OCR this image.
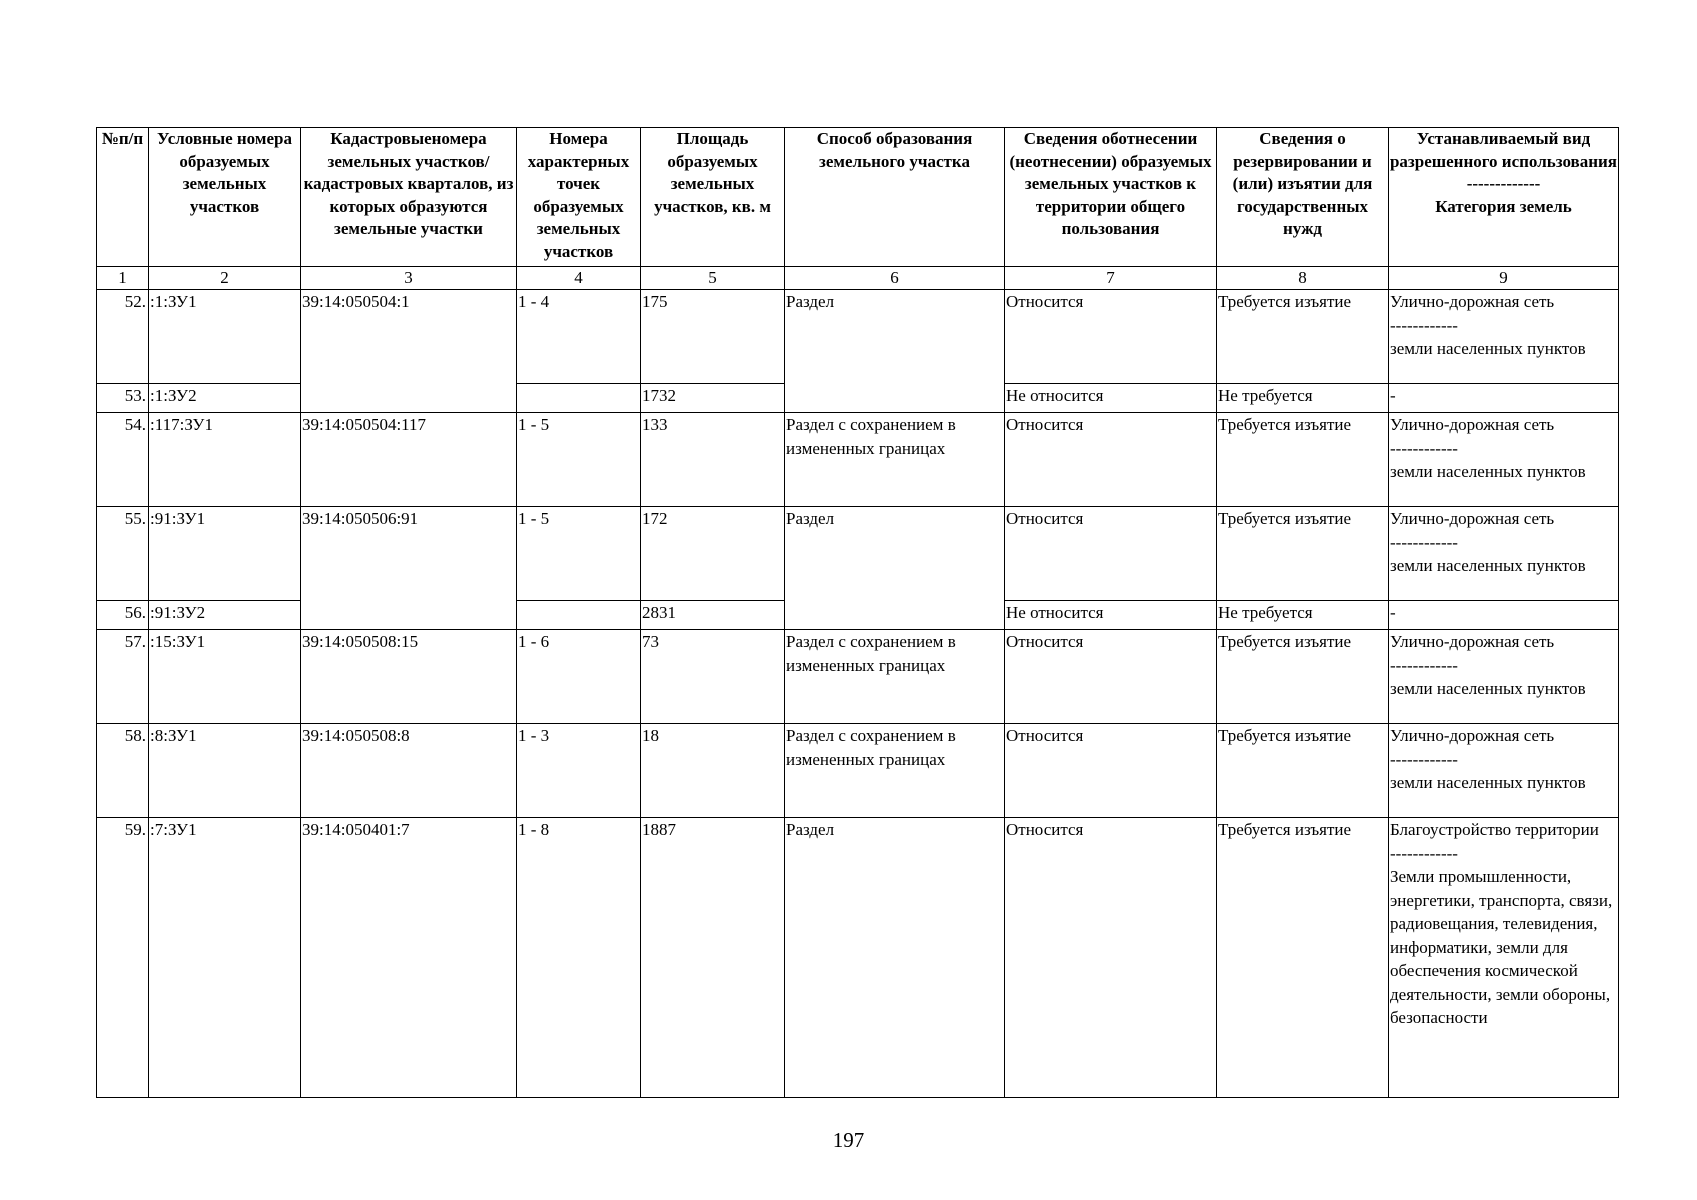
№п/п	Условные номера образуемых земельных участков	Кадастровыеномера земельных участков/кадастровых кварталов, из которых образуются земельные участки	Номера характерных точек образуемых земельных участков	Площадь образуемых земельных участков, кв. м	Способ образования земельного участка	Сведения оботнесении (неотнесении) образуемых земельных участков к территории общего пользования	Сведения о резервировании и (или) изъятии для государственных нужд	Устанавливаемый вид разрешенного использования
-------------
Категория земель

1	2	3	4	5	6	7	8	9
52.	:1:ЗУ1	39:14:050504:1	1 - 4	175	Раздел	Относится	Требуется изъятие	Улично-дорожная сеть
------------
земли населенных пунктов

53.	:1:ЗУ2			1732		Не относится	Не требуется	-
54.	:117:ЗУ1	39:14:050504:117	1 - 5	133	Раздел с сохранением в измененных границах	Относится	Требуется изъятие	Улично-дорожная сеть
------------
земли населенных пунктов

55.	:91:ЗУ1	39:14:050506:91	1 - 5	172	Раздел	Относится	Требуется изъятие	Улично-дорожная сеть
------------
земли населенных пунктов

56.	:91:ЗУ2			2831		Не относится	Не требуется	-
57.	:15:ЗУ1	39:14:050508:15	1 - 6	73	Раздел с сохранением в измененных границах	Относится	Требуется изъятие	Улично-дорожная сеть
------------
земли населенных пунктов

58.	:8:ЗУ1	39:14:050508:8	1 - 3	18	Раздел с сохранением в измененных границах	Относится	Требуется изъятие	Улично-дорожная сеть
------------
земли населенных пунктов

59.	:7:ЗУ1	39:14:050401:7	1 - 8	1887	Раздел	Относится	Требуется изъятие	Благоустройство территории
------------
Земли промышленности, энергетики, транспорта, связи, радиовещания, телевидения, информатики, земли для обеспечения космической деятельности, земли обороны, безопасности
197
